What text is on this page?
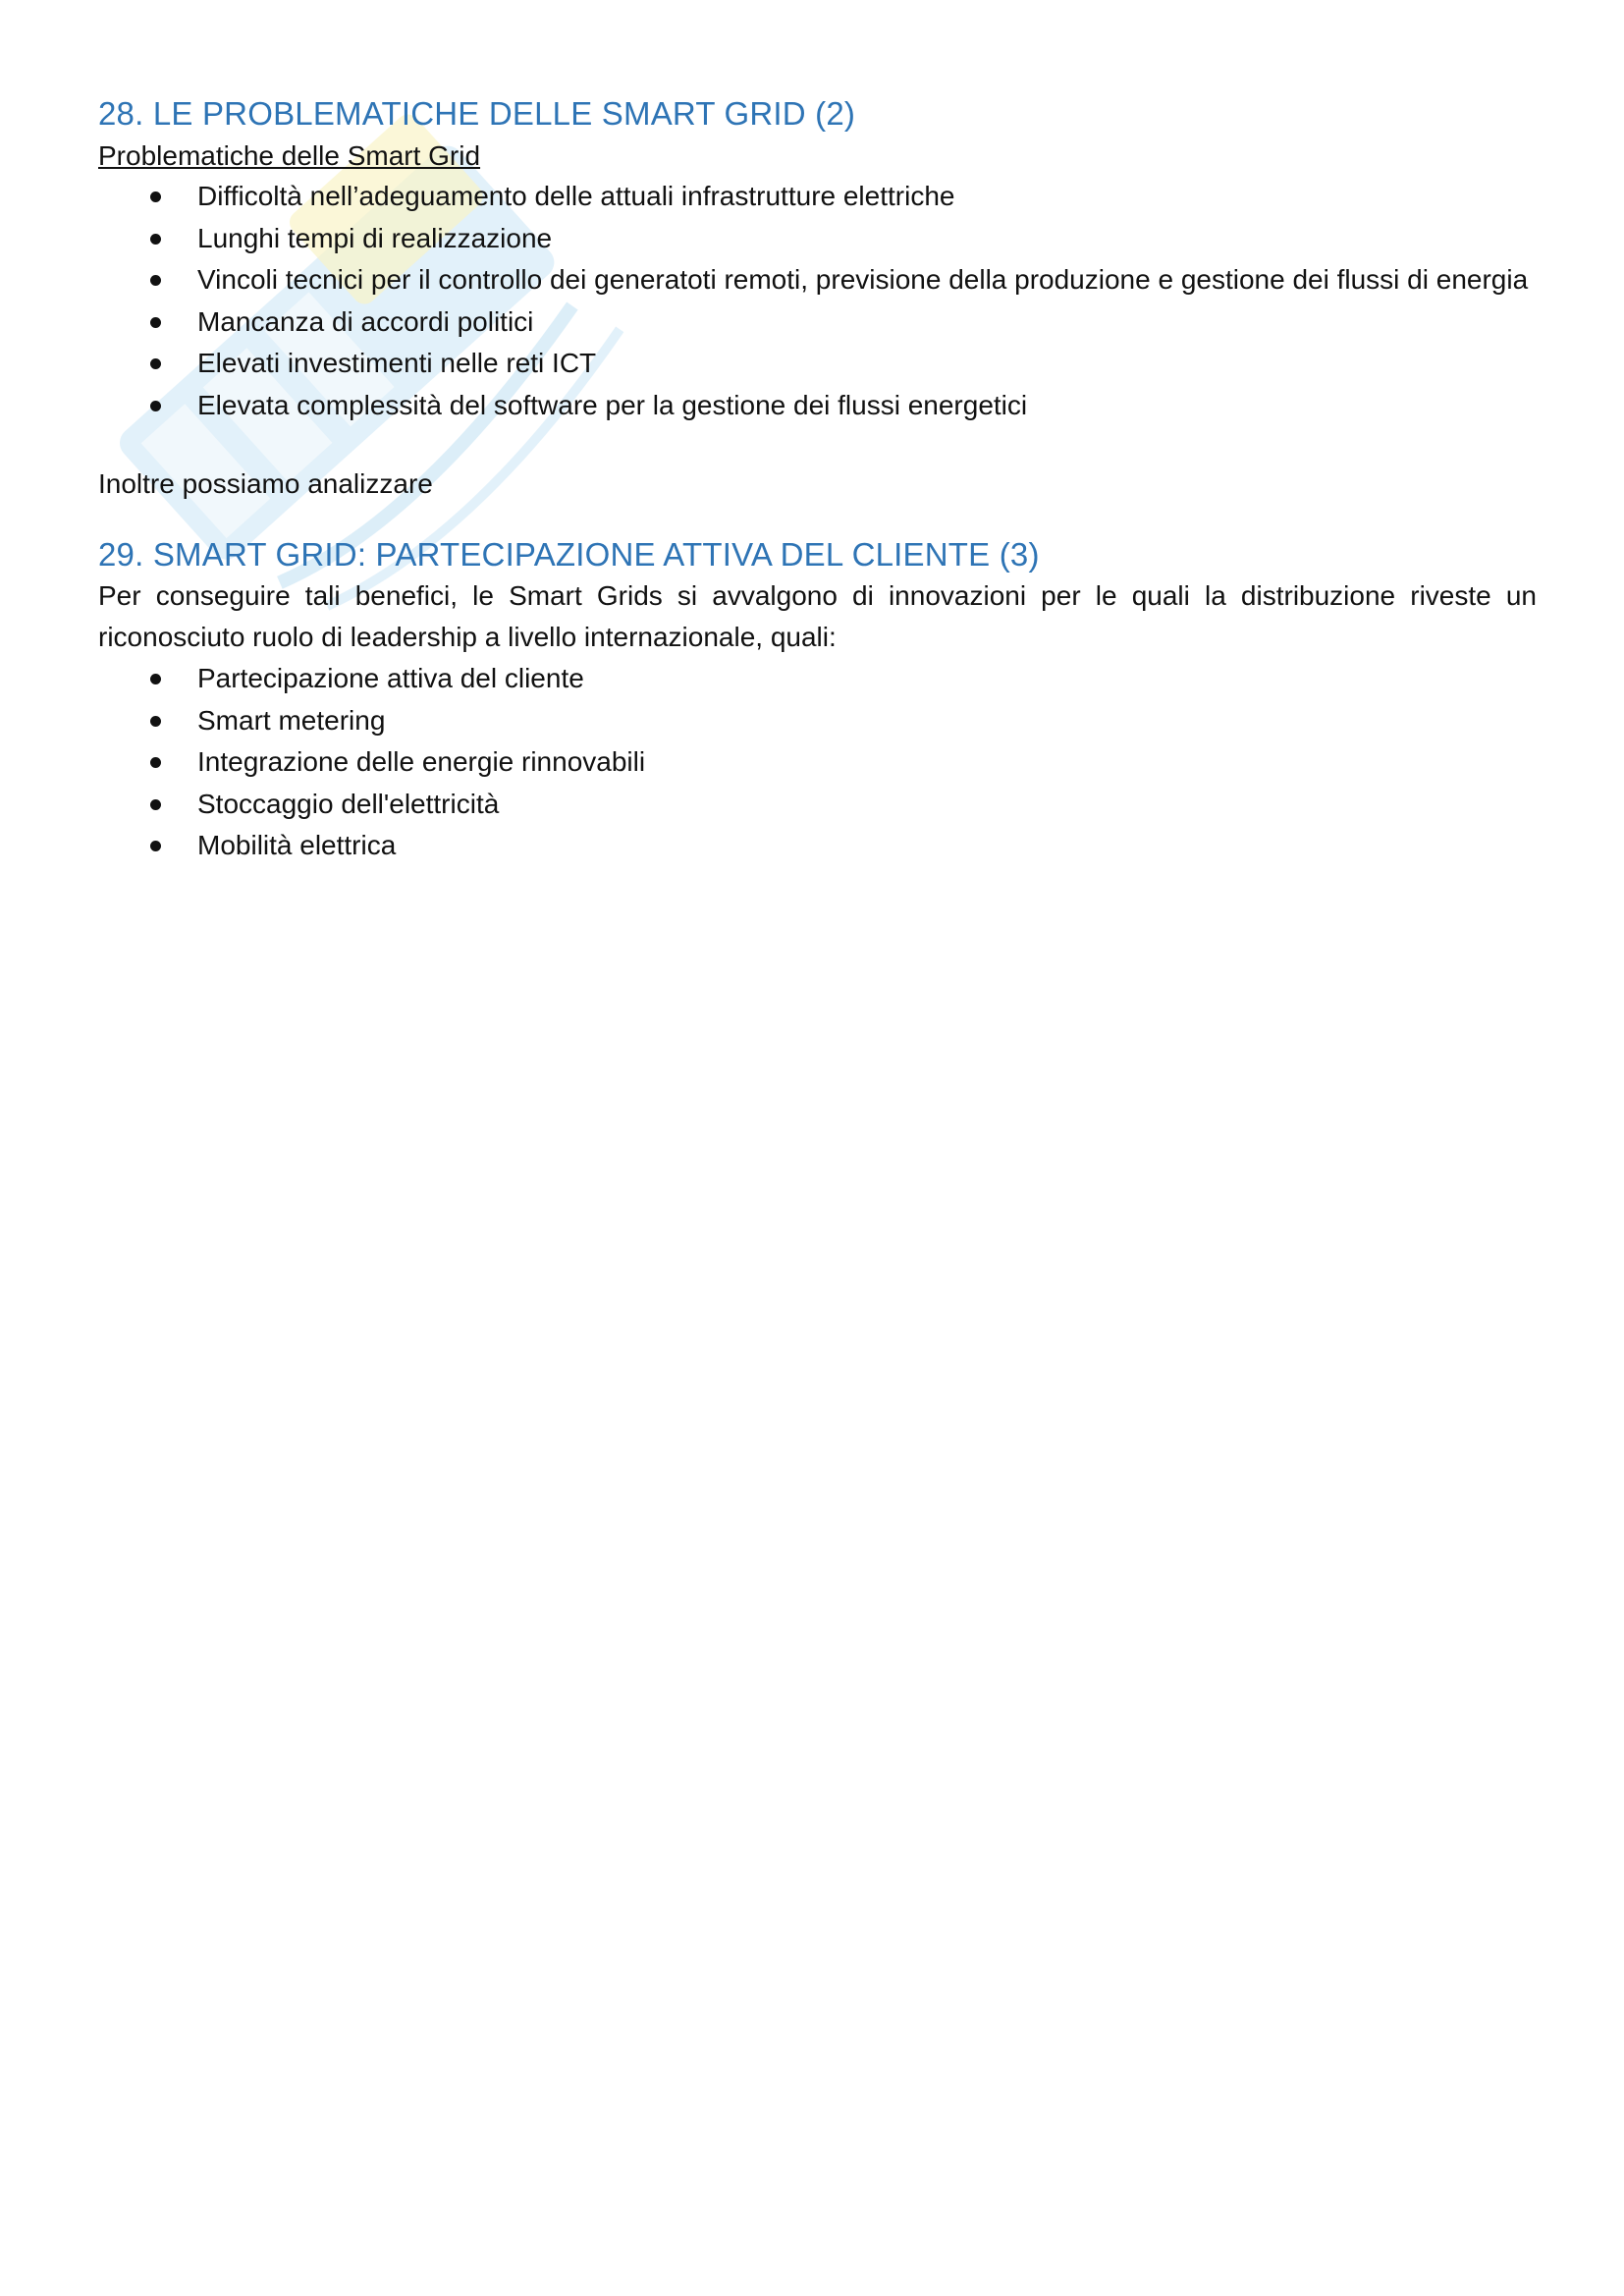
28. LE PROBLEMATICHE DELLE SMART GRID (2)

Problematiche delle Smart Grid

Difficoltà nell’adeguamento delle attuali infrastrutture elettriche
Lunghi tempi di realizzazione
Vincoli tecnici per il controllo dei generatoti remoti, previsione della produzione e gestione dei flussi di energia
Mancanza di accordi politici
Elevati investimenti nelle reti ICT
Elevata complessità del software per la gestione dei flussi energetici

Inoltre possiamo analizzare

29. SMART GRID: PARTECIPAZIONE ATTIVA DEL CLIENTE (3)

Per conseguire tali benefici, le Smart Grids si avvalgono di innovazioni per le quali la distribuzione riveste un riconosciuto ruolo di leadership a livello internazionale, quali:

Partecipazione attiva del cliente
Smart metering
Integrazione delle energie rinnovabili
Stoccaggio dell'elettricità
Mobilità elettrica
